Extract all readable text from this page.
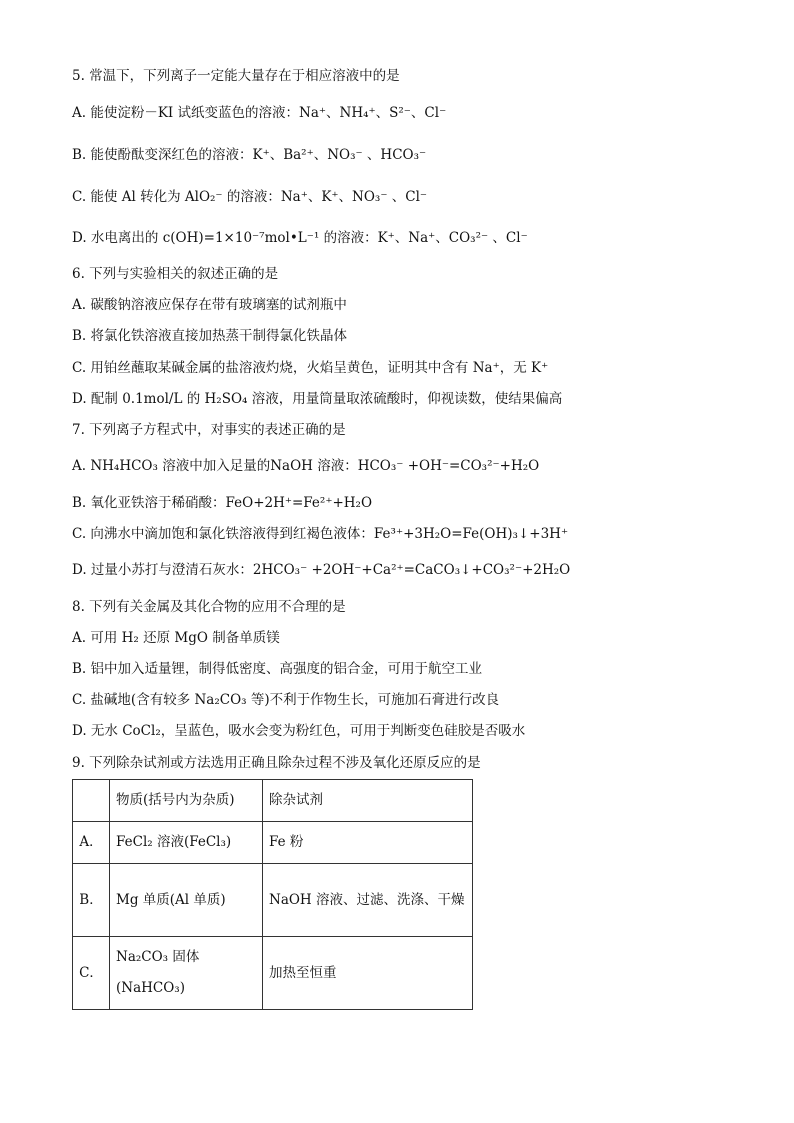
5. 常温下，下列离子一定能大量存在于相应溶液中的是
A. 能使淀粉－KI 试纸变蓝色的溶液：Na⁺、NH₄⁺、S²⁻、Cl⁻
B. 能使酚酞变深红色的溶液：K⁺、Ba²⁺、NO₃⁻ 、HCO₃⁻
C. 能使 Al 转化为 AlO₂⁻ 的溶液：Na⁺、K⁺、NO₃⁻ 、Cl⁻
D. 水电离出的 c(OH)=1×10⁻⁷mol•L⁻¹ 的溶液：K⁺、Na⁺、CO₃²⁻ 、Cl⁻
6. 下列与实验相关的叙述正确的是
A. 碳酸钠溶液应保存在带有玻璃塞的试剂瓶中
B. 将氯化铁溶液直接加热蒸干制得氯化铁晶体
C. 用铂丝蘸取某碱金属的盐溶液灼烧，火焰呈黄色，证明其中含有 Na⁺，无 K⁺
D. 配制 0.1mol/L 的 H₂SO₄ 溶液，用量筒量取浓硫酸时，仰视读数，使结果偏高
7. 下列离子方程式中，对事实的表述正确的是
A. NH₄HCO₃ 溶液中加入足量的NaOH 溶液：HCO₃⁻ +OH⁻=CO₃²⁻+H₂O
B. 氧化亚铁溶于稀硝酸：FeO+2H⁺=Fe²⁺+H₂O
C. 向沸水中滴加饱和氯化铁溶液得到红褐色液体：Fe³⁺+3H₂O=Fe(OH)₃↓+3H⁺
D. 过量小苏打与澄清石灰水：2HCO₃⁻ +2OH⁻+Ca²⁺=CaCO₃↓+CO₃²⁻+2H₂O
8. 下列有关金属及其化合物的应用不合理的是
A. 可用 H₂ 还原 MgO 制备单质镁
B. 铝中加入适量锂，制得低密度、高强度的铝合金，可用于航空工业
C. 盐碱地(含有较多 Na₂CO₃ 等)不利于作物生长，可施加石膏进行改良
D. 无水 CoCl₂，呈蓝色，吸水会变为粉红色，可用于判断变色硅胶是否吸水
9. 下列除杂试剂或方法选用正确且除杂过程不涉及氧化还原反应的是
	物质(括号内为杂质)	除杂试剂
A．	FeCl₂ 溶液(FeCl₃)	Fe 粉
B．	Mg 单质(Al 单质)	NaOH 溶液、过滤、洗涤、干燥

C．	Na₂CO₃ 固体(NaHCO₃)	加热至恒重
